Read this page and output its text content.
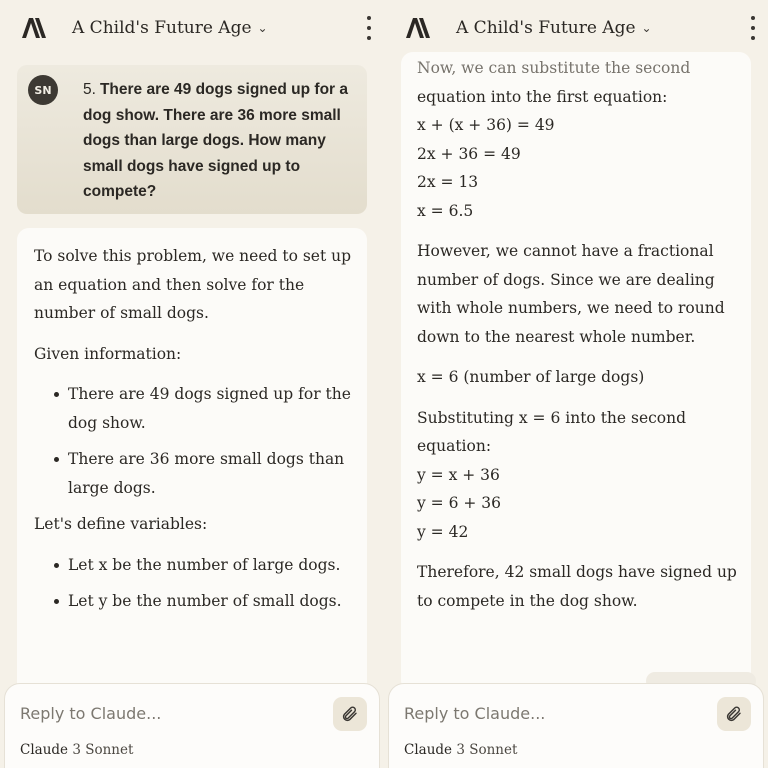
A Child's Future Age ⌄
SN	5. There are 49 dogs signed up for a dog show. There are 36 more small dogs than large dogs. How many small dogs have signed up to compete?

To solve this problem, we need to set up an equation and then solve for the number of small dogs.

Given information:

There are 49 dogs signed up for the dog show.
There are 36 more small dogs than large dogs.

Let's define variables:

Let x be the number of large dogs.
Let y be the number of small dogs.
Reply to Claude...
Claude 3 Sonnet
A Child's Future Age ⌄
Now, we can substitute the second
equation into the first equation:
x + (x + 36) = 49
2x + 36 = 49
2x = 13

x = 6.5

However, we cannot have a fractional number of dogs. Since we are dealing with whole numbers, we need to round down to the nearest whole number.

x = 6 (number of large dogs)

Substituting x = 6 into the second equation:
y = x + 36
y = 6 + 36

y = 42

Therefore, 42 small dogs have signed up to compete in the dog show.

Reply to Claude...
Claude 3 Sonnet
